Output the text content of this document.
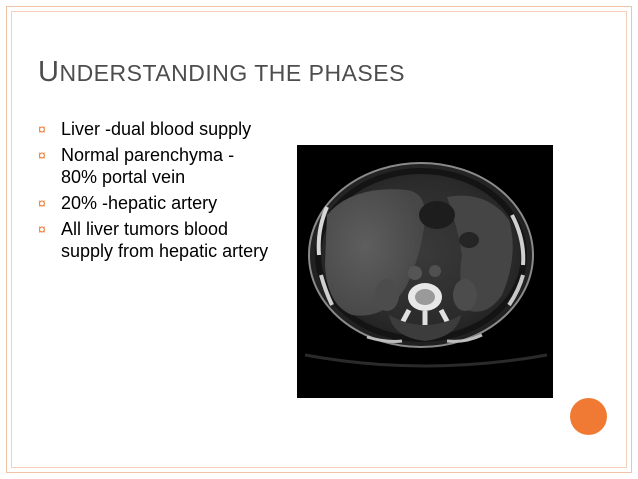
UNDERSTANDING THE PHASES
¤ Liver -dual blood supply
¤ Normal parenchyma - 80% portal vein
¤ 20% -hepatic artery
¤ All liver tumors blood supply from hepatic artery
